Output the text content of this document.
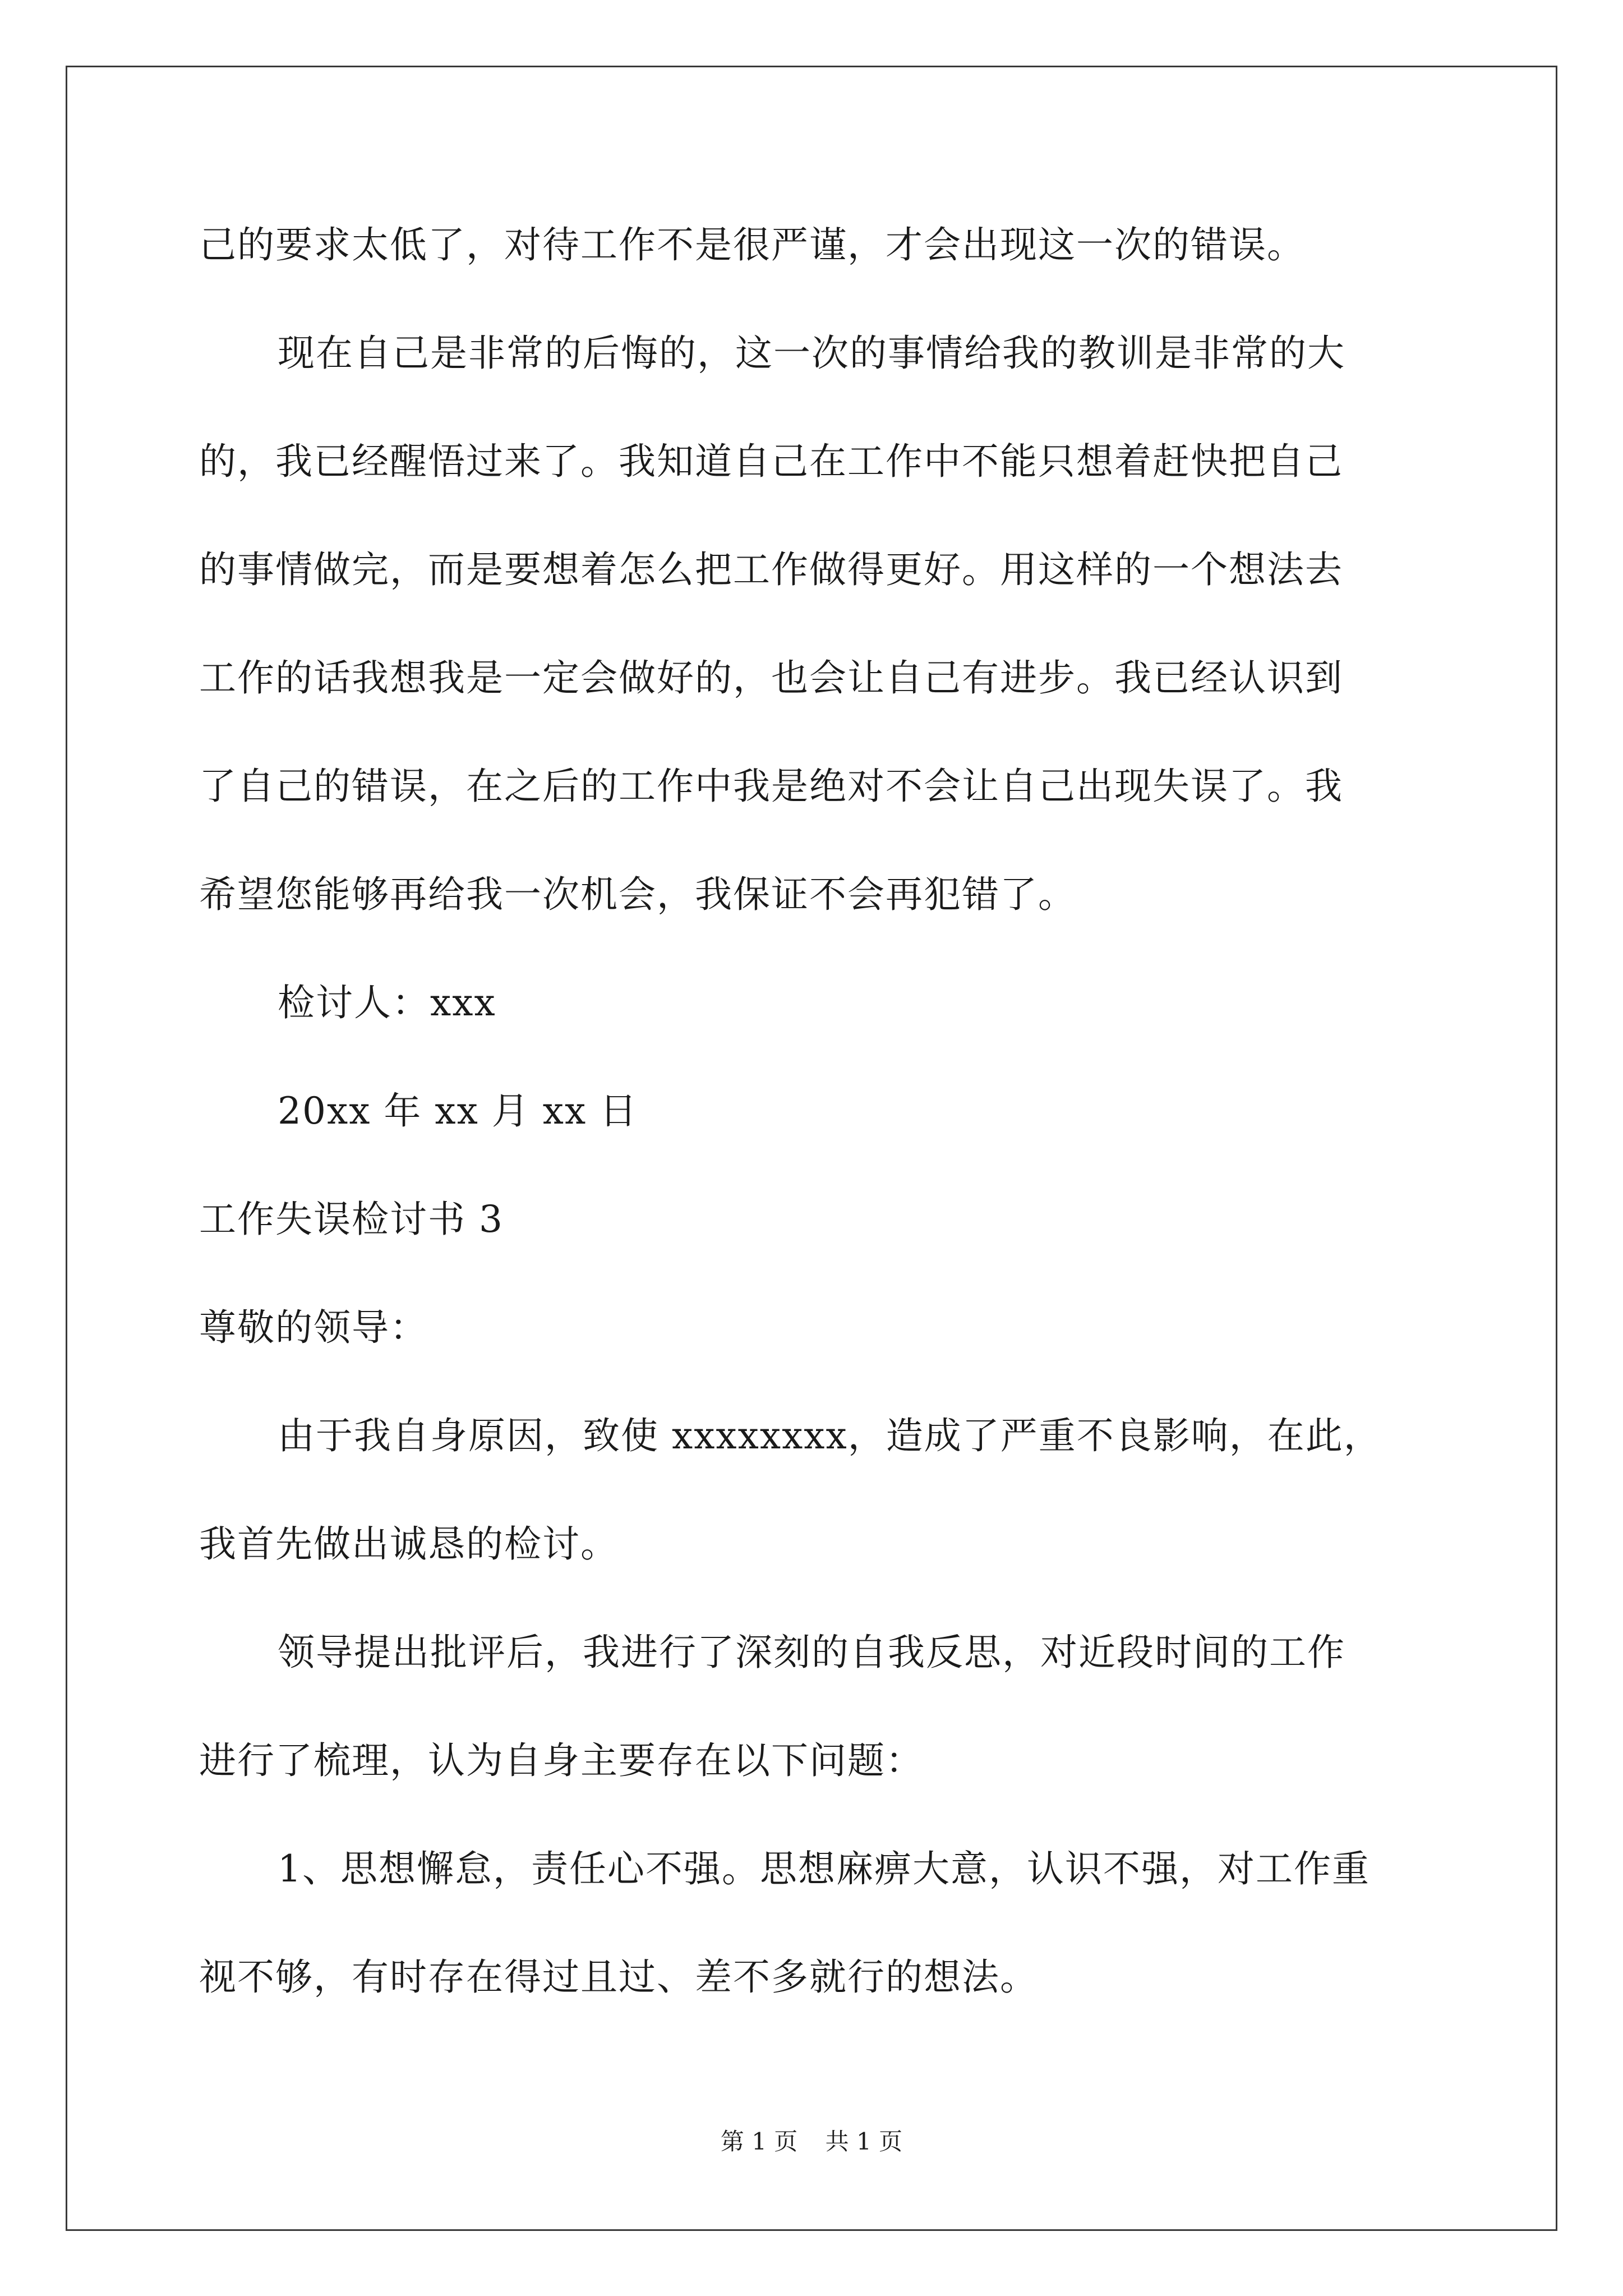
己的要求太低了，对待工作不是很严谨，才会出现这一次的错误。
现在自己是非常的后悔的，这一次的事情给我的教训是非常的大
的，我已经醒悟过来了。我知道自己在工作中不能只想着赶快把自己
的事情做完，而是要想着怎么把工作做得更好。用这样的一个想法去
工作的话我想我是一定会做好的，也会让自己有进步。我已经认识到
了自己的错误，在之后的工作中我是绝对不会让自己出现失误了。我
希望您能够再给我一次机会，我保证不会再犯错了。
检讨人：xxx
20xx 年 xx 月 xx 日
工作失误检讨书 3
尊敬的领导：
由于我自身原因，致使 xxxxxxxx，造成了严重不良影响，在此，
我首先做出诚恳的检讨。
领导提出批评后，我进行了深刻的自我反思，对近段时间的工作
进行了梳理，认为自身主要存在以下问题：
1、思想懈怠，责任心不强。思想麻痹大意，认识不强，对工作重
视不够，有时存在得过且过、差不多就行的想法。
第 1 页 共 1 页
